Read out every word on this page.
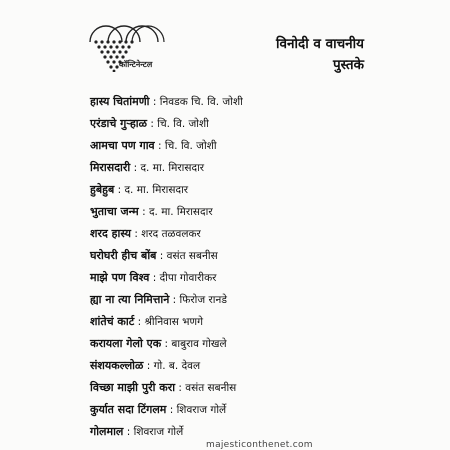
कॉन्टिनेन्टल
विनोदी व वाचनीय
पुस्तके
हास्य चितांमणी : निवडक चि. वि. जोशी
एरंडाचे गुऱ्हाळ : चि. वि. जोशी
आमचा पण गाव : चि. वि. जोशी
मिरासदारी : द. मा. मिरासदार
हुबेहुब : द. मा. मिरासदार
भुताचा जन्म : द. मा. मिरासदार
शरद हास्य : शरद तळवलकर
घरोघरी हीच बोंब : वसंत सबनीस
माझे पण विश्व : दीपा गोवारीकर
ह्या ना त्या निमित्ताने : फिरोज रानडे
शांतेचं कार्ट : श्रीनिवास भणगे
करायला गेलो एक : बाबुराव गोखले
संशयकल्लोळ : गो. ब. देवल
विच्छा माझी पुरी करा : वसंत सबनीस
कुर्यात सदा टिंगलम : शिवराज गोर्ले
गोलमाल : शिवराज गोर्ले
majesticonthenet.com
